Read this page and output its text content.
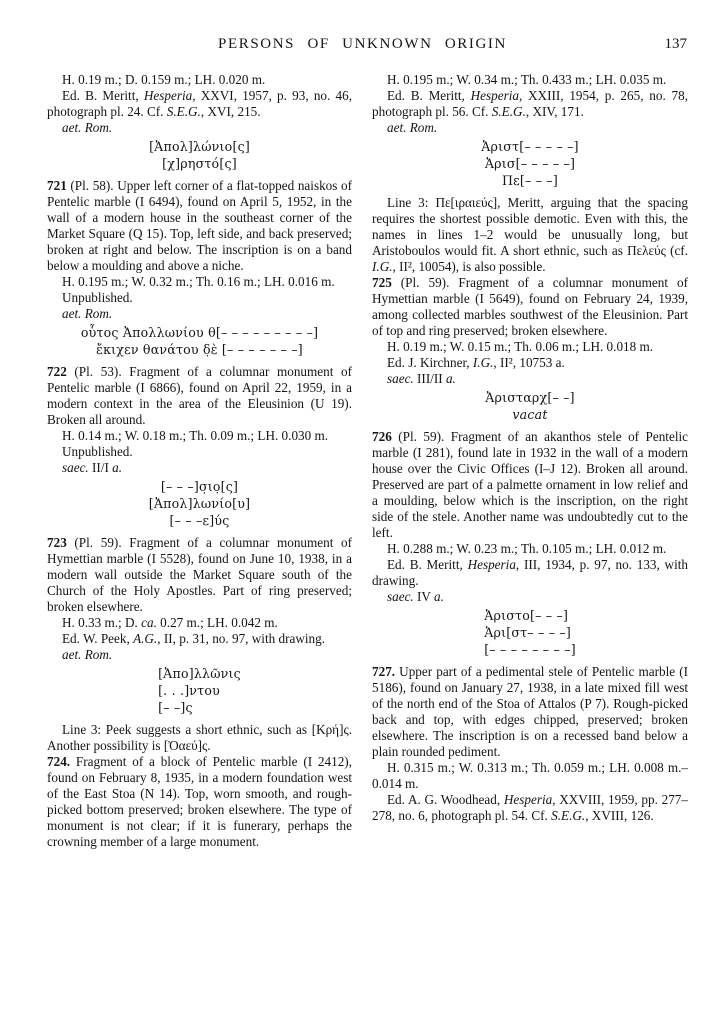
PERSONS OF UNKNOWN ORIGIN	137

H. 0.19 m.; D. 0.159 m.; LH. 0.020 m.

Ed. B. Meritt, Hesperia, XXVI, 1957, p. 93, no. 46, photograph pl. 24. Cf. S.E.G., XVI, 215.

aet. Rom.

[Ἀπολ]λώνιο[ς]
[χ]ρηστό[ς]

721 (Pl. 58). Upper left corner of a flat-topped naiskos of Pentelic marble (I 6494), found on April 5, 1952, in the wall of a modern house in the southeast corner of the Market Square (Q 15). Top, left side, and back preserved; broken at right and below. The inscription is on a band below a moulding and above a niche.

H. 0.195 m.; W. 0.32 m.; Th. 0.16 m.; LH. 0.016 m.

Unpublished.

aet. Rom.

οὗτος Ἀπολλωνίου θ[– – – – – – – – –]
ἔκιχεν θανάτου δ̣ὲ [– – – – – – –]

722 (Pl. 53). Fragment of a columnar monument of Pentelic marble (I 6866), found on April 22, 1959, in a modern context in the area of the Eleusinion (U 19). Broken all around.

H. 0.14 m.; W. 0.18 m.; Th. 0.09 m.; LH. 0.030 m.

Unpublished.

saec. II/I a.

[– – –]σ̣ιο̣[ς]
[Ἀπολ]λωνίο[υ]
[– – –ε]ύς

723 (Pl. 59). Fragment of a columnar monument of Hymettian marble (I 5528), found on June 10, 1938, in a modern wall outside the Market Square south of the Church of the Holy Apostles. Part of ring preserved; broken elsewhere.

H. 0.33 m.; D. ca. 0.27 m.; LH. 0.042 m.

Ed. W. Peek, A.G., II, p. 31, no. 97, with drawing.

aet. Rom.

[Ἀπο]λλῶνις
[. . .]ντου
[– –]ς

Line 3: Peek suggests a short ethnic, such as [Κρή]ς. Another possibility is [Ὀαεύ]ς.

724. Fragment of a block of Pentelic marble (I 2412), found on February 8, 1935, in a modern foundation west of the East Stoa (N 14). Top, worn smooth, and rough-picked bottom preserved; broken elsewhere. The type of monument is not clear; if it is funerary, perhaps the crowning member of a large monument.

H. 0.195 m.; W. 0.34 m.; Th. 0.433 m.; LH. 0.035 m.

Ed. B. Meritt, Hesperia, XXIII, 1954, p. 265, no. 78, photograph pl. 56. Cf. S.E.G., XIV, 171.

aet. Rom.

Ἀριστ[– – – – –]
Ἀρισ[– – – – –]
Πε[– – –]

Line 3: Πε[ιραιεύς], Meritt, arguing that the spacing requires the shortest possible demotic. Even with this, the names in lines 1–2 would be unusually long, but Aristoboulos would fit. A short ethnic, such as Πελεύς (cf. I.G., II², 10054), is also possible.

725 (Pl. 59). Fragment of a columnar monument of Hymettian marble (I 5649), found on February 24, 1939, among collected marbles southwest of the Eleusinion. Part of top and ring preserved; broken elsewhere.

H. 0.19 m.; W. 0.15 m.; Th. 0.06 m.; LH. 0.018 m.

Ed. J. Kirchner, I.G., II², 10753 a.

saec. III/II a.

Ἀρισταρχ[– –]
vacat

726 (Pl. 59). Fragment of an akanthos stele of Pentelic marble (I 281), found late in 1932 in the wall of a modern house over the Civic Offices (I–J 12). Broken all around. Preserved are part of a palmette ornament in low relief and a moulding, below which is the inscription, on the right side of the stele. Another name was undoubtedly cut to the left.

H. 0.288 m.; W. 0.23 m.; Th. 0.105 m.; LH. 0.012 m.

Ed. B. Meritt, Hesperia, III, 1934, p. 97, no. 133, with drawing.

saec. IV a.

Ἀριστο[– – –]
Ἀρι[στ– – – –]
[– – – – – – – –]

727. Upper part of a pedimental stele of Pentelic marble (I 5186), found on January 27, 1938, in a late mixed fill west of the north end of the Stoa of Attalos (P 7). Rough-picked back and top, with edges chipped, preserved; broken elsewhere. The inscription is on a recessed band below a plain rounded pediment.

H. 0.315 m.; W. 0.313 m.; Th. 0.059 m.; LH. 0.008 m.–0.014 m.

Ed. A. G. Woodhead, Hesperia, XXVIII, 1959, pp. 277–278, no. 6, photograph pl. 54. Cf. S.E.G., XVIII, 126.
